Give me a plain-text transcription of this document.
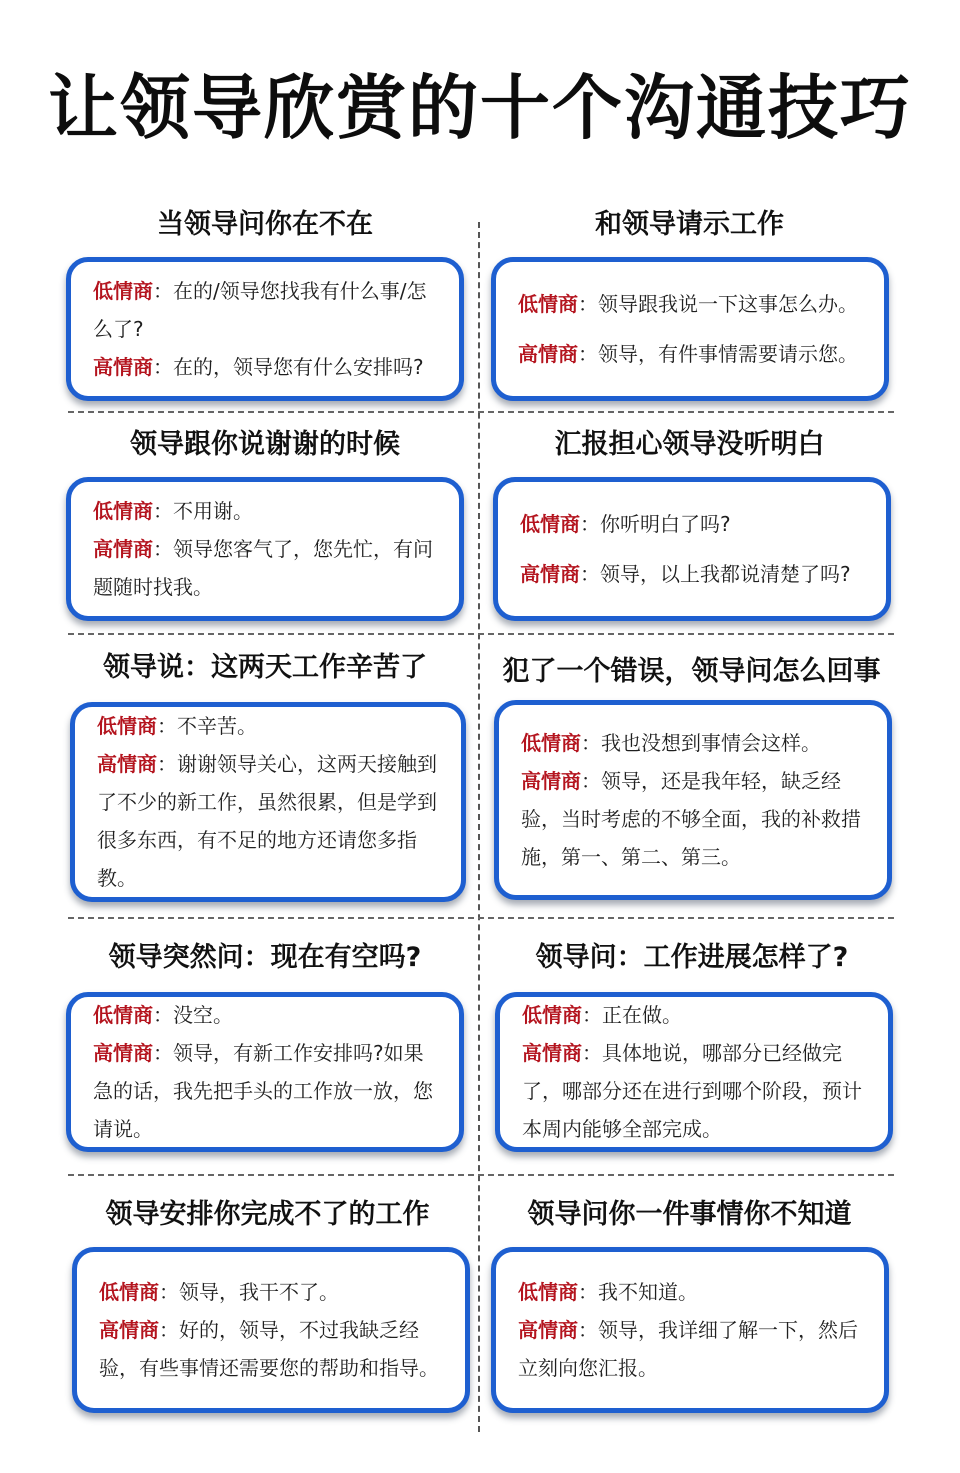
让领导欣赏的十个沟通技巧
当领导问你在不在
低情商：在的/领导您找我有什么事/怎么了?
高情商：在的，领导您有什么安排吗?
和领导请示工作
低情商：领导跟我说一下这事怎么办。
高情商：领导，有件事情需要请示您。
领导跟你说谢谢的时候
低情商：不用谢。
高情商：领导您客气了，您先忙，有问题随时找我。
汇报担心领导没听明白
低情商：你听明白了吗?
高情商：领导，以上我都说清楚了吗?
领导说：这两天工作辛苦了
低情商：不辛苦。
高情商：谢谢领导关心，这两天接触到了不少的新工作，虽然很累，但是学到很多东西，有不足的地方还请您多指教。
犯了一个错误，领导问怎么回事
低情商：我也没想到事情会这样。
高情商：领导，还是我年轻，缺乏经验，当时考虑的不够全面，我的补救措施，第一、第二、第三。
领导突然问：现在有空吗?
低情商：没空。
高情商：领导，有新工作安排吗?如果急的话，我先把手头的工作放一放，您请说。
领导问：工作进展怎样了?
低情商：正在做。
高情商：具体地说，哪部分已经做完了，哪部分还在进行到哪个阶段，预计本周内能够全部完成。
领导安排你完成不了的工作
低情商：领导，我干不了。
高情商：好的，领导，不过我缺乏经验，有些事情还需要您的帮助和指导。
领导问你一件事情你不知道
低情商：我不知道。
高情商：领导，我详细了解一下，然后立刻向您汇报。
